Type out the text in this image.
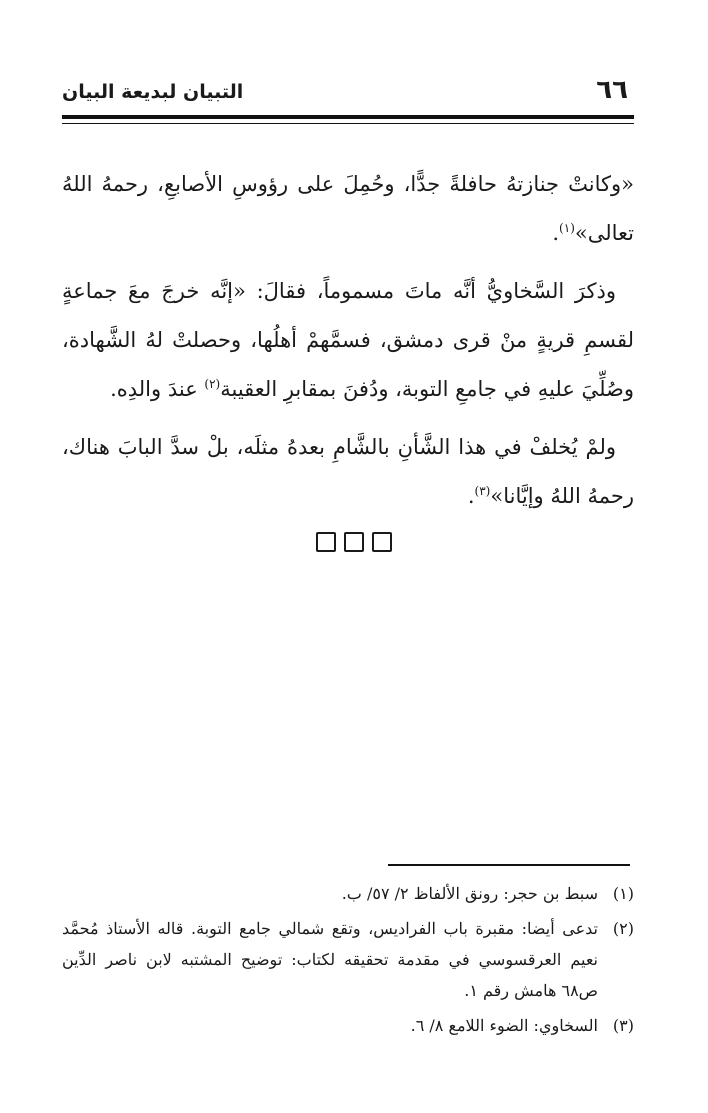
٦٦
التبيان لبديعة البيان

«وكانتْ جنازتهُ حافلةً جدًّا، وحُمِلَ على رؤوسِ الأصابعِ، رحمهُ اللهُ تعالى»$^{(١)}$.

وذكرَ السَّخاويُّ أنَّه ماتَ مسموماً، فقالَ: «إنَّه خرجَ معَ جماعةٍ لقسمِ قريةٍ منْ قرى دمشق، فسمَّهمْ أهلُها، وحصلتْ لهُ الشَّهادة، وصُلِّيَ عليهِ في جامعِ التوبة، ودُفنَ بمقابرِ العقيبة$^{(٢)}$ عندَ والدِه.

ولمْ يُخلفْ في هذا الشَّأنِ بالشَّامِ بعدهُ مثلَه، بلْ سدَّ البابَ هناك، رحمهُ اللهُ وإيَّانا»$^{(٣)}$.

(١)
سبط بن حجر: رونق الألفاظ ٢/ ٥٧/ ب.
(٢)
تدعى أيضا: مقبرة باب الفراديس، وتقع شمالي جامع التوبة. قاله الأستاذ مُحمَّد نعيم العرقسوسي في مقدمة تحقيقه لكتاب: توضيح المشتبه لابن ناصر الدِّين ص٦٨ هامش رقم ١.
(٣)
السخاوي: الضوء اللامع ٨/ ٦.
